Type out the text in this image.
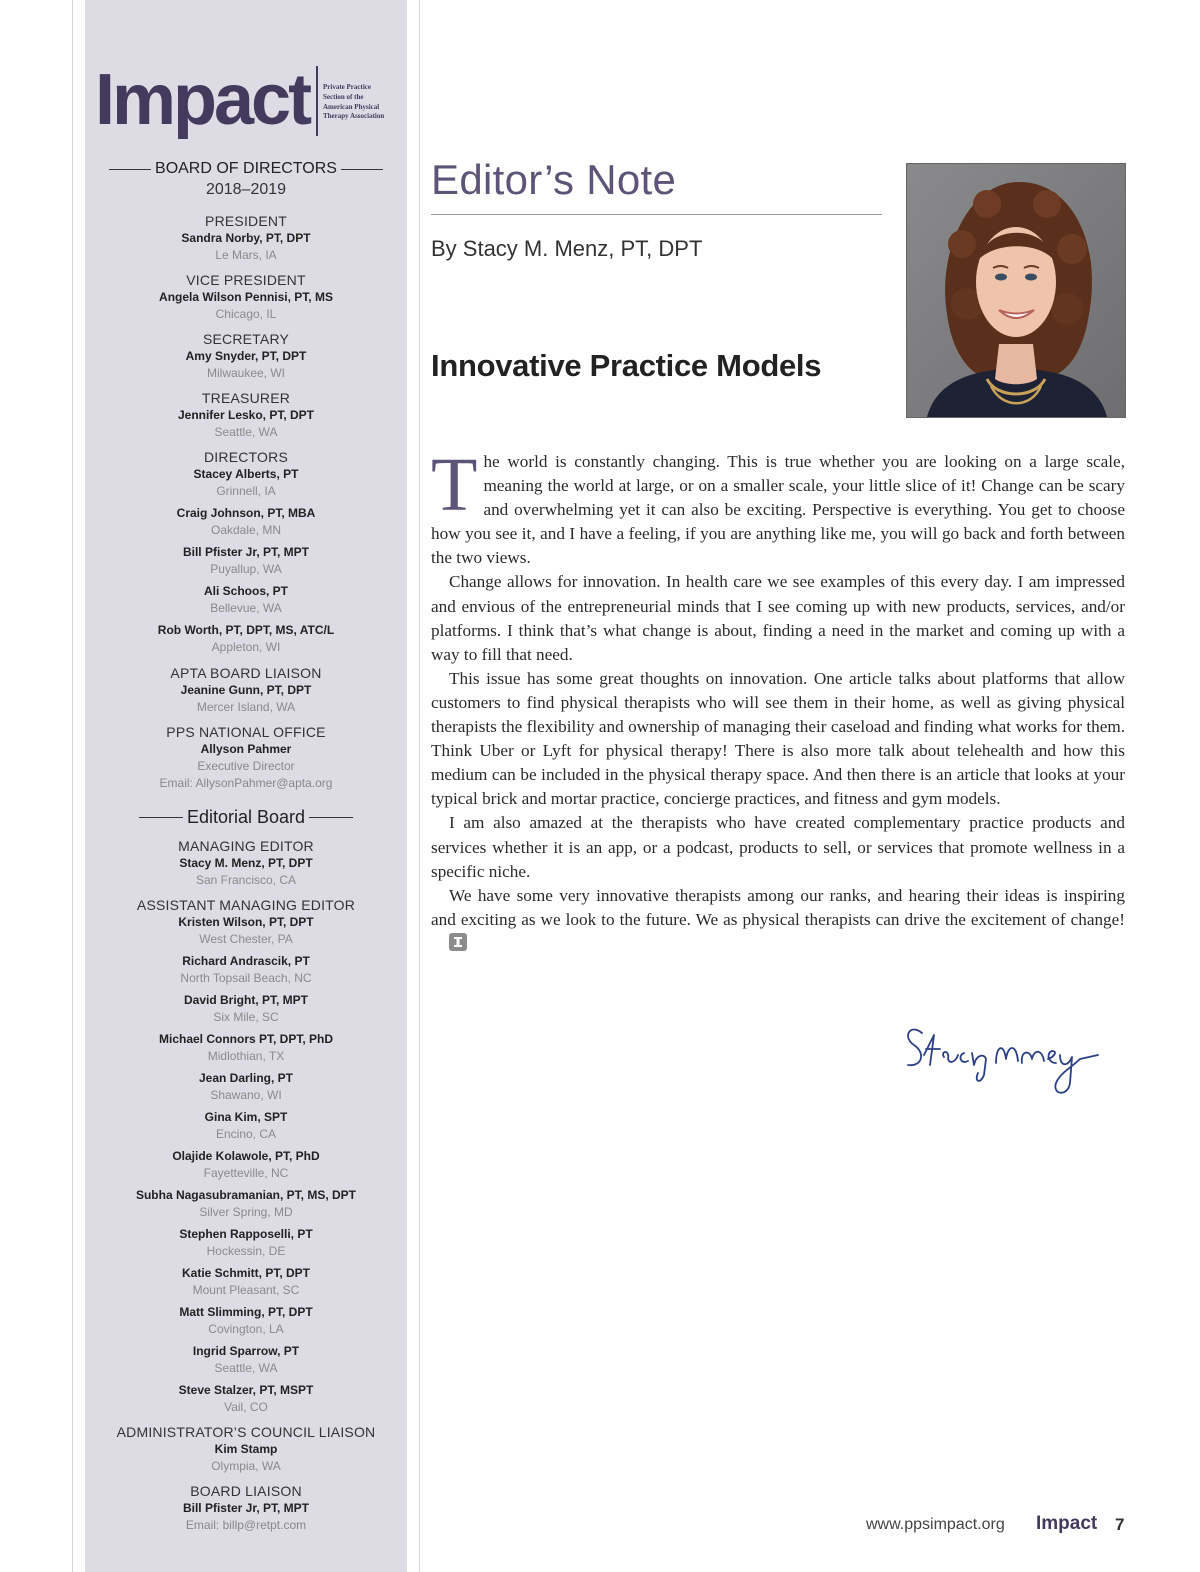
Impact Private Practice
Section of the
American Physical
Therapy Association
BOARD OF DIRECTORS
2018–2019
PRESIDENT
Sandra Norby, PT, DPT
Le Mars, IA
VICE PRESIDENT
Angela Wilson Pennisi, PT, MS
Chicago, IL
SECRETARY
Amy Snyder, PT, DPT
Milwaukee, WI
TREASURER
Jennifer Lesko, PT, DPT
Seattle, WA
DIRECTORS
Stacey Alberts, PT
Grinnell, IA
Craig Johnson, PT, MBA
Oakdale, MN
Bill Pfister Jr, PT, MPT
Puyallup, WA
Ali Schoos, PT
Bellevue, WA
Rob Worth, PT, DPT, MS, ATC/L
Appleton, WI
APTA BOARD LIAISON
Jeanine Gunn, PT, DPT
Mercer Island, WA
PPS NATIONAL OFFICE
Allyson Pahmer
Executive Director
Email: AllysonPahmer@apta.org
Editorial Board
MANAGING EDITOR
Stacy M. Menz, PT, DPT
San Francisco, CA
ASSISTANT MANAGING EDITOR
Kristen Wilson, PT, DPT
West Chester, PA
Richard Andrascik, PT
North Topsail Beach, NC
David Bright, PT, MPT
Six Mile, SC
Michael Connors PT, DPT, PhD
Midlothian, TX
Jean Darling, PT
Shawano, WI
Gina Kim, SPT
Encino, CA
Olajide Kolawole, PT, PhD
Fayetteville, NC
Subha Nagasubramanian, PT, MS, DPT
Silver Spring, MD
Stephen Rapposelli, PT
Hockessin, DE
Katie Schmitt, PT, DPT
Mount Pleasant, SC
Matt Slimming, PT, DPT
Covington, LA
Ingrid Sparrow, PT
Seattle, WA
Steve Stalzer, PT, MSPT
Vail, CO
ADMINISTRATOR’S COUNCIL LIAISON
Kim Stamp
Olympia, WA
BOARD LIAISON
Bill Pfister Jr, PT, MPT
Email: billp@retpt.com
Editor’s Note
By Stacy M. Menz, PT, DPT
Innovative Practice Models

The world is constantly changing. This is true whether you are looking on a large scale, meaning the world at large, or on a smaller scale, your little slice of it! Change can be scary and overwhelming yet it can also be exciting. Perspective is everything. You get to choose how you see it, and I have a feeling, if you are anything like me, you will go back and forth between the two views.

Change allows for innovation. In health care we see examples of this every day. I am impressed and envious of the entrepreneurial minds that I see coming up with new products, services, and/or platforms. I think that’s what change is about, finding a need in the market and coming up with a way to fill that need.

This issue has some great thoughts on innovation. One article talks about platforms that allow customers to find physical therapists who will see them in their home, as well as giving physical therapists the flexibility and ownership of managing their caseload and finding what works for them. Think Uber or Lyft for physical therapy! There is also more talk about telehealth and how this medium can be included in the physical therapy space. And then there is an article that looks at your typical brick and mortar practice, concierge practices, and fitness and gym models.

I am also amazed at the therapists who have created complementary practice products and services whether it is an app, or a podcast, products to sell, or services that promote wellness in a specific niche.

We have some very innovative therapists among our ranks, and hearing their ideas is inspiring and exciting as we look to the future. We as physical therapists can drive the excitement of change!

www.ppsimpact.org Impact 7
